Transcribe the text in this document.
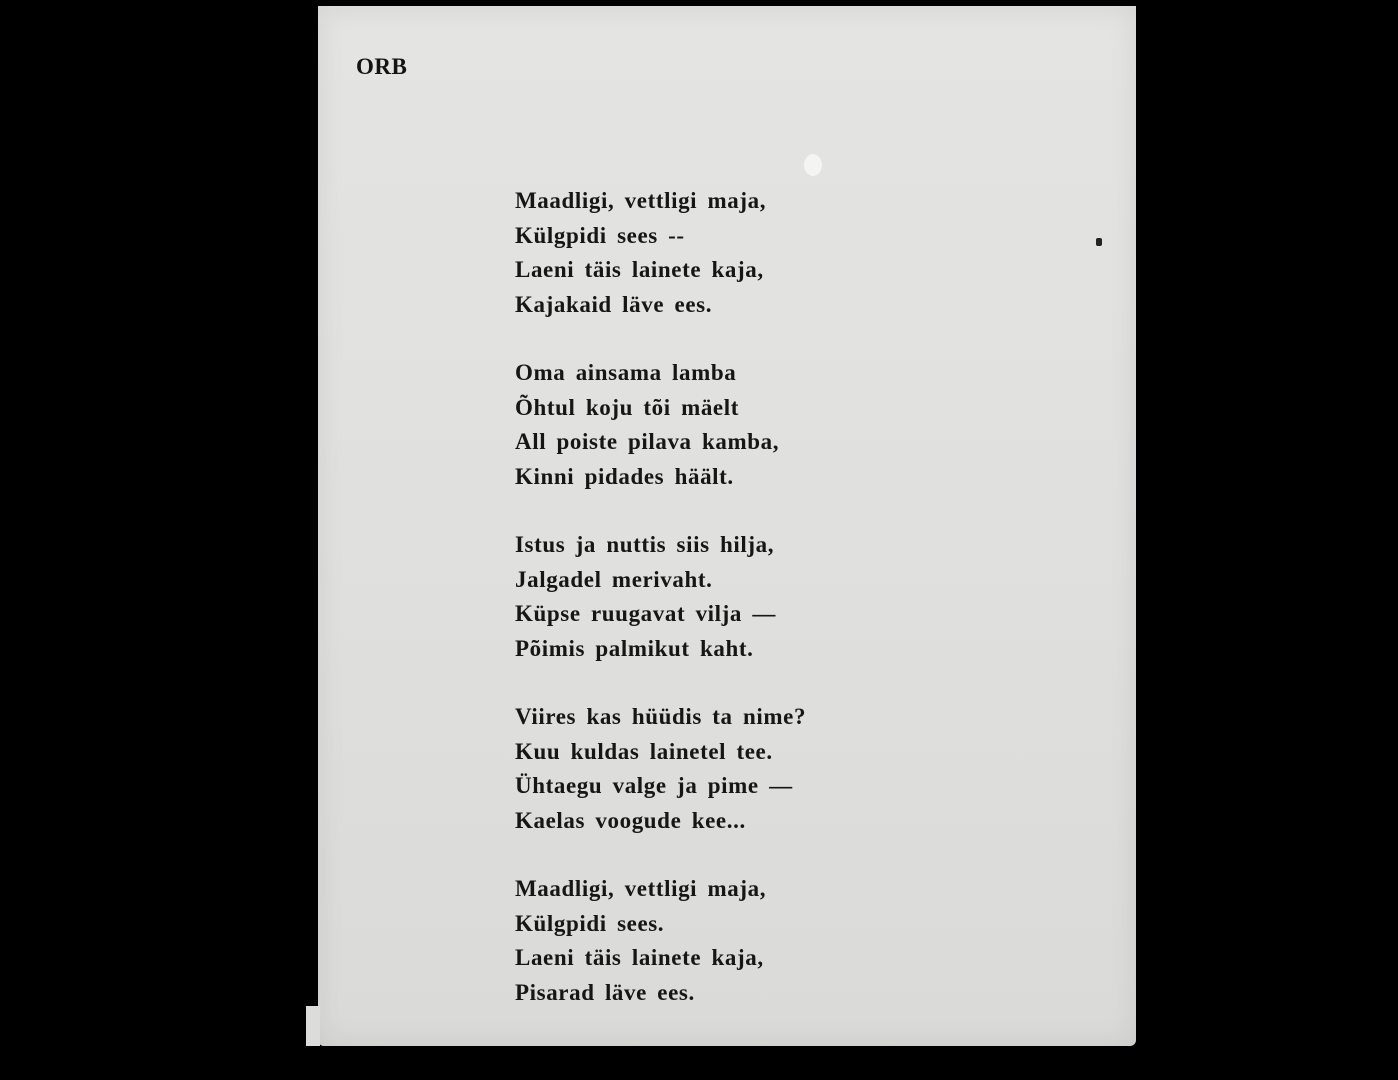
ORB
Maadligi, vettligi maja,
Külgpidi sees --
Laeni täis lainete kaja,
Kajakaid läve ees.
Oma ainsama lamba
Õhtul koju tõi mäelt
All poiste pilava kamba,
Kinni pidades häält.
Istus ja nuttis siis hilja,
Jalgadel merivaht.
Küpse ruugavat vilja —
Põimis palmikut kaht.
Viires kas hüüdis ta nime?
Kuu kuldas lainetel tee.
Ühtaegu valge ja pime —
Kaelas voogude kee...
Maadligi, vettligi maja,
Külgpidi sees.
Laeni täis lainete kaja,
Pisarad läve ees.
